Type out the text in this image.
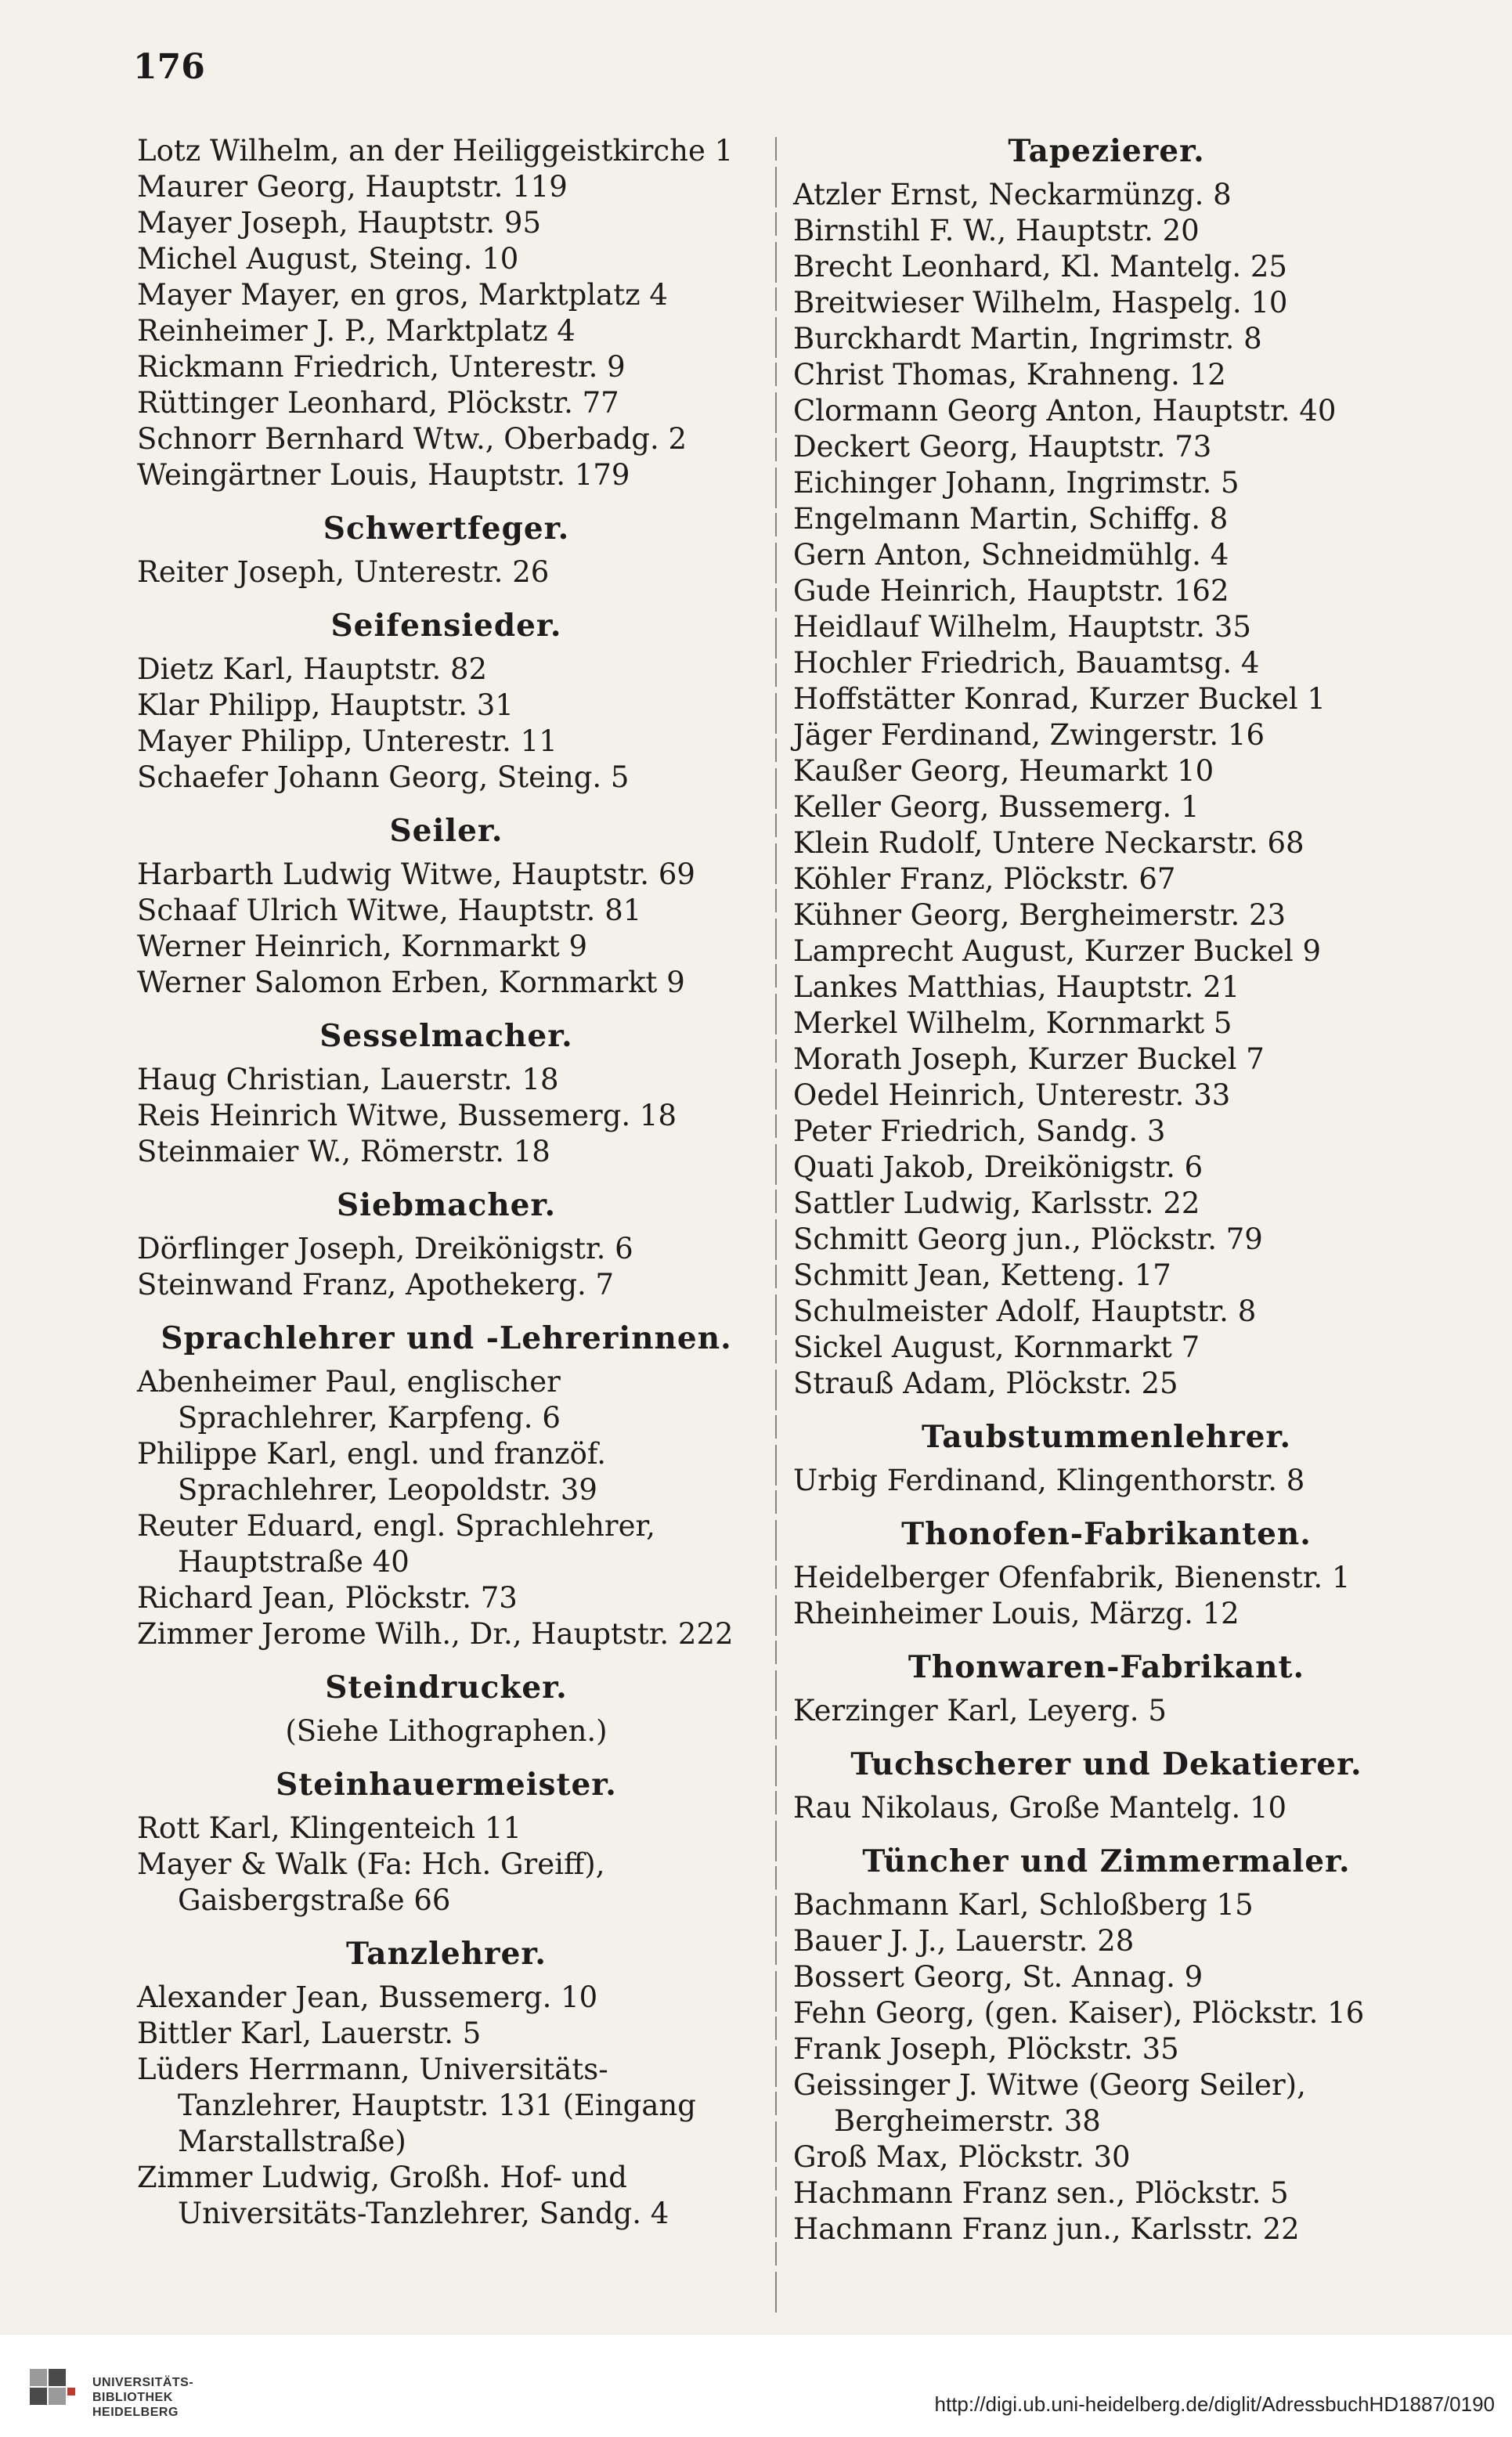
176
Lotz Wilhelm, an der Heiliggeistkirche 1
Maurer Georg, Hauptstr. 119
Mayer Joseph, Hauptstr. 95
Michel August, Steing. 10
Mayer Mayer, en gros, Marktplatz 4
Reinheimer J. P., Marktplatz 4
Rickmann Friedrich, Unterestr. 9
Rüttinger Leonhard, Plöckstr. 77
Schnorr Bernhard Wtw., Oberbadg. 2
Weingärtner Louis, Hauptstr. 179
Schwertfeger.
Reiter Joseph, Unterestr. 26
Seifensieder.
Dietz Karl, Hauptstr. 82
Klar Philipp, Hauptstr. 31
Mayer Philipp, Unterestr. 11
Schaefer Johann Georg, Steing. 5
Seiler.
Harbarth Ludwig Witwe, Hauptstr. 69
Schaaf Ulrich Witwe, Hauptstr. 81
Werner Heinrich, Kornmarkt 9
Werner Salomon Erben, Kornmarkt 9
Sesselmacher.
Haug Christian, Lauerstr. 18
Reis Heinrich Witwe, Bussemerg. 18
Steinmaier W., Römerstr. 18
Siebmacher.
Dörflinger Joseph, Dreikönigstr. 6
Steinwand Franz, Apothekerg. 7
Sprachlehrer und -Lehrerinnen.
Abenheimer Paul, englischer Sprachlehrer, Karpfeng. 6
Philippe Karl, engl. und franzöf. Sprachlehrer, Leopoldstr. 39
Reuter Eduard, engl. Sprachlehrer, Hauptstraße 40
Richard Jean, Plöckstr. 73
Zimmer Jerome Wilh., Dr., Hauptstr. 222
Steindrucker.
(Siehe Lithographen.)
Steinhauermeister.
Rott Karl, Klingenteich 11
Mayer & Walk (Fa: Hch. Greiff), Gaisbergstraße 66
Tanzlehrer.
Alexander Jean, Bussemerg. 10
Bittler Karl, Lauerstr. 5
Lüders Herrmann, Universitäts-Tanzlehrer, Hauptstr. 131 (Eingang Marstallstraße)
Zimmer Ludwig, Großh. Hof- und Universitäts-Tanzlehrer, Sandg. 4
Tapezierer.
Atzler Ernst, Neckarmünzg. 8
Birnstihl F. W., Hauptstr. 20
Brecht Leonhard, Kl. Mantelg. 25
Breitwieser Wilhelm, Haspelg. 10
Burckhardt Martin, Ingrimstr. 8
Christ Thomas, Krahneng. 12
Clormann Georg Anton, Hauptstr. 40
Deckert Georg, Hauptstr. 73
Eichinger Johann, Ingrimstr. 5
Engelmann Martin, Schiffg. 8
Gern Anton, Schneidmühlg. 4
Gude Heinrich, Hauptstr. 162
Heidlauf Wilhelm, Hauptstr. 35
Hochler Friedrich, Bauamtsg. 4
Hoffstätter Konrad, Kurzer Buckel 1
Jäger Ferdinand, Zwingerstr. 16
Kaußer Georg, Heumarkt 10
Keller Georg, Bussemerg. 1
Klein Rudolf, Untere Neckarstr. 68
Köhler Franz, Plöckstr. 67
Kühner Georg, Bergheimerstr. 23
Lamprecht August, Kurzer Buckel 9
Lankes Matthias, Hauptstr. 21
Merkel Wilhelm, Kornmarkt 5
Morath Joseph, Kurzer Buckel 7
Oedel Heinrich, Unterestr. 33
Peter Friedrich, Sandg. 3
Quati Jakob, Dreikönigstr. 6
Sattler Ludwig, Karlsstr. 22
Schmitt Georg jun., Plöckstr. 79
Schmitt Jean, Ketteng. 17
Schulmeister Adolf, Hauptstr. 8
Sickel August, Kornmarkt 7
Strauß Adam, Plöckstr. 25
Taubstummenlehrer.
Urbig Ferdinand, Klingenthorstr. 8
Thonofen-Fabrikanten.
Heidelberger Ofenfabrik, Bienenstr. 1
Rheinheimer Louis, Märzg. 12
Thonwaren-Fabrikant.
Kerzinger Karl, Leyerg. 5
Tuchscherer und Dekatierer.
Rau Nikolaus, Große Mantelg. 10
Tüncher und Zimmermaler.
Bachmann Karl, Schloßberg 15
Bauer J. J., Lauerstr. 28
Bossert Georg, St. Annag. 9
Fehn Georg, (gen. Kaiser), Plöckstr. 16
Frank Joseph, Plöckstr. 35
Geissinger J. Witwe (Georg Seiler), Bergheimerstr. 38
Groß Max, Plöckstr. 30
Hachmann Franz sen., Plöckstr. 5
Hachmann Franz jun., Karlsstr. 22
UNIVERSITÄTS-
BIBLIOTHEK
HEIDELBERG	http://digi.ub.uni-heidelberg.de/diglit/AdressbuchHD1887/0190
